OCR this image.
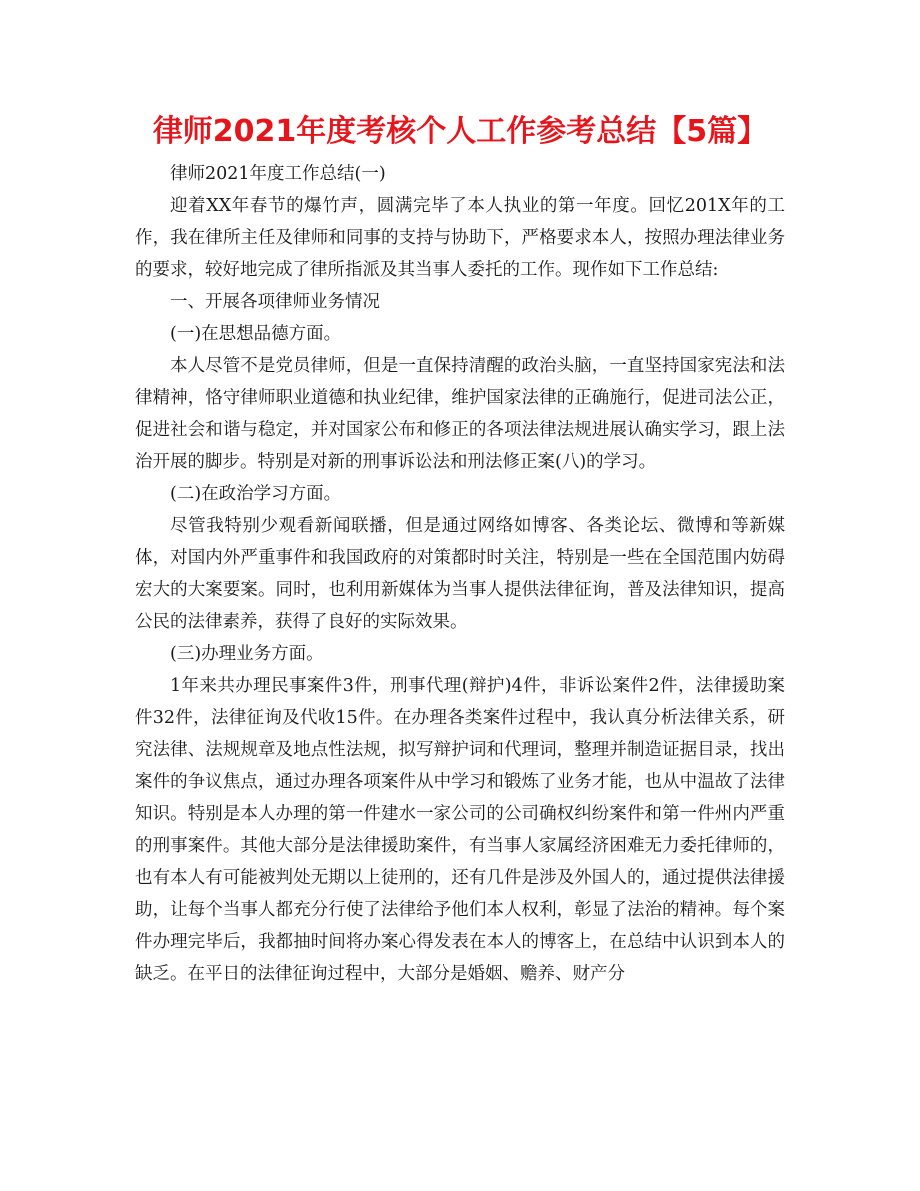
律师2021年度考核个人工作参考总结【5篇】

律师2021年度工作总结(一)

迎着XX年春节的爆竹声，圆满完毕了本人执业的第一年度。回忆201X年的工作，我在律所主任及律师和同事的支持与协助下，严格要求本人，按照办理法律业务的要求，较好地完成了律所指派及其当事人委托的工作。现作如下工作总结:

一、开展各项律师业务情况

(一)在思想品德方面。

本人尽管不是党员律师，但是一直保持清醒的政治头脑，一直坚持国家宪法和法律精神，恪守律师职业道德和执业纪律，维护国家法律的正确施行，促进司法公正，促进社会和谐与稳定，并对国家公布和修正的各项法律法规进展认确实学习，跟上法治开展的脚步。特别是对新的刑事诉讼法和刑法修正案(八)的学习。

(二)在政治学习方面。

尽管我特别少观看新闻联播，但是通过网络如博客、各类论坛、微博和等新媒体，对国内外严重事件和我国政府的对策都时时关注，特别是一些在全国范围内妨碍宏大的大案要案。同时，也利用新媒体为当事人提供法律征询，普及法律知识，提高公民的法律素养，获得了良好的实际效果。

(三)办理业务方面。

1年来共办理民事案件3件，刑事代理(辩护)4件，非诉讼案件2件，法律援助案件32件，法律征询及代收15件。在办理各类案件过程中，我认真分析法律关系，研究法律、法规规章及地点性法规，拟写辩护词和代理词，整理并制造证据目录，找出案件的争议焦点，通过办理各项案件从中学习和锻炼了业务才能，也从中温故了法律知识。特别是本人办理的第一件建水一家公司的公司确权纠纷案件和第一件州内严重的刑事案件。其他大部分是法律援助案件，有当事人家属经济困难无力委托律师的，也有本人有可能被判处无期以上徒刑的，还有几件是涉及外国人的，通过提供法律援助，让每个当事人都充分行使了法律给予他们本人权利，彰显了法治的精神。每个案件办理完毕后，我都抽时间将办案心得发表在本人的博客上，在总结中认识到本人的缺乏。在平日的法律征询过程中，大部分是婚姻、赡养、财产分
